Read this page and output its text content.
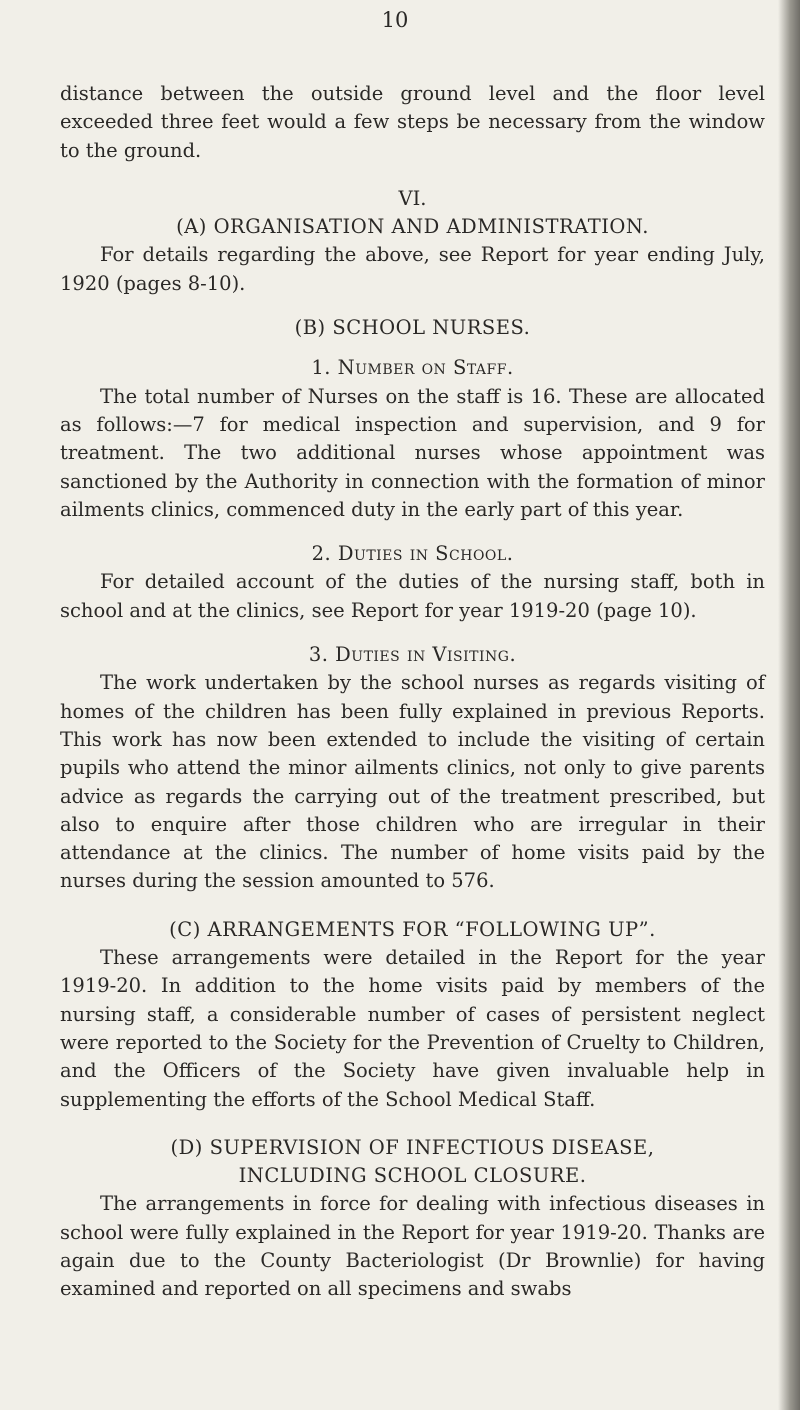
10

distance between the outside ground level and the floor level exceeded three feet would a few steps be necessary from the window to the ground.

VI.
(A) ORGANISATION AND ADMINISTRATION.

For details regarding the above, see Report for year ending July, 1920 (pages 8-10).

(B) SCHOOL NURSES.
1. Number on Staff.

The total number of Nurses on the staff is 16. These are allocated as follows:—7 for medical inspection and supervision, and 9 for treatment. The two additional nurses whose appointment was sanctioned by the Authority in connection with the formation of minor ailments clinics, commenced duty in the early part of this year.

2. Duties in School.

For detailed account of the duties of the nursing staff, both in school and at the clinics, see Report for year 1919-20 (page 10).

3. Duties in Visiting.

The work undertaken by the school nurses as regards visiting of homes of the children has been fully explained in previous Reports. This work has now been extended to include the visiting of certain pupils who attend the minor ailments clinics, not only to give parents advice as regards the carrying out of the treatment prescribed, but also to enquire after those children who are irregular in their attendance at the clinics. The number of home visits paid by the nurses during the session amounted to 576.

(C) ARRANGEMENTS FOR “FOLLOWING UP”.

These arrangements were detailed in the Report for the year 1919-20. In addition to the home visits paid by members of the nursing staff, a considerable number of cases of persistent neglect were reported to the Society for the Prevention of Cruelty to Children, and the Officers of the Society have given invaluable help in supplementing the efforts of the School Medical Staff.

(D) SUPERVISION OF INFECTIOUS DISEASE,
INCLUDING SCHOOL CLOSURE.

The arrangements in force for dealing with infectious diseases in school were fully explained in the Report for year 1919-20. Thanks are again due to the County Bacteriologist (Dr Brownlie) for having examined and reported on all specimens and swabs
